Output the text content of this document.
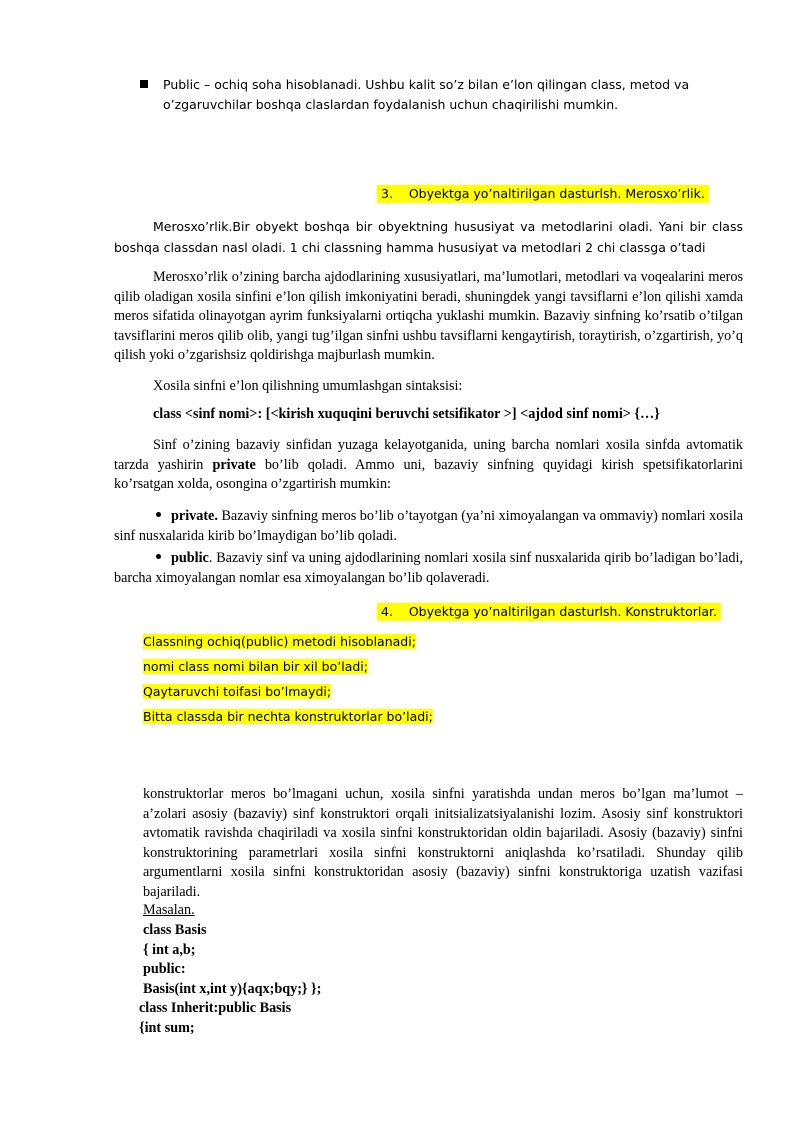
Public – ochiq soha hisoblanadi. Ushbu kalit so’z bilan e’lon qilingan class, metod va
o’zgaruvchilar boshqa claslardan foydalanish uchun chaqirilishi mumkin.
3. Obyektga yo’naltirilgan dasturlsh. Merosxo’rlik.

Merosxo’rlik.Bir obyekt boshqa bir obyektning hususiyat va metodlarini oladi. Yani bir class boshqa classdan nasl oladi. 1 chi classning hamma hususiyat va metodlari 2 chi classga o’tadi

Merosxo’rlik o’zining barcha ajdodlarining xususiyatlari, ma’lumotlari, metodlari va voqealarini meros qilib oladigan xosila sinfini e’lon qilish imkoniyatini beradi, shuningdek yangi tavsiflarni e’lon qilishi xamda meros sifatida olinayotgan ayrim funksiyalarni ortiqcha yuklashi mumkin. Bazaviy sinfning ko’rsatib o’tilgan tavsiflarini meros qilib olib, yangi tug’ilgan sinfni ushbu tavsiflarni kengaytirish, toraytirish, o’zgartirish, yo’q qilish yoki o’zgarishsiz qoldirishga majburlash mumkin.

Xosila sinfni e’lon qilishning umumlashgan sintaksisi:

class <sinf nomi>: [<kirish xuquqini beruvchi setsifikator >] <ajdod sinf nomi> {…}

Sinf o’zining bazaviy sinfidan yuzaga kelayotganida, uning barcha nomlari xosila sinfda avtomatik tarzda yashirin private bo’lib qoladi. Ammo uni, bazaviy sinfning quyidagi kirish spetsifikatorlarini ko’rsatgan xolda, osongina o’zgartirish mumkin:

private. Bazaviy sinfning meros bo’lib o’tayotgan (ya’ni ximoyalangan va ommaviy) nomlari xosila sinf nusxalarida kirib bo’lmaydigan bo’lib qoladi.

public. Bazaviy sinf va uning ajdodlarining nomlari xosila sinf nusxalarida qirib bo’ladigan bo’ladi, barcha ximoyalangan nomlar esa ximoyalangan bo’lib qolaveradi.

4. Obyektga yo’naltirilgan dasturlsh. Konstruktorlar.

Classning ochiq(public) metodi hisoblanadi;

nomi class nomi bilan bir xil bo’ladi;

Qaytaruvchi toifasi bo’lmaydi;

Bitta classda bir nechta konstruktorlar bo’ladi;

konstruktorlar meros bo’lmagani uchun, xosila sinfni yaratishda undan meros bo’lgan ma’lumot – a’zolari asosiy (bazaviy) sinf konstruktori orqali initsializatsiyalanishi lozim. Asosiy sinf konstruktori avtomatik ravishda chaqiriladi va xosila sinfni konstruktoridan oldin bajariladi. Asosiy (bazaviy) sinfni konstruktorining parametrlari xosila sinfni konstruktorni aniqlashda ko’rsatiladi. Shunday qilib argumentlarni xosila sinfni konstruktoridan asosiy (bazaviy) sinfni konstruktoriga uzatish vazifasi bajariladi.

Masalan.

class Basis
{ int a,b;
public:
Basis(int x,int y){aqx;bqy;} };
class Inherit:public Basis
{int sum;
